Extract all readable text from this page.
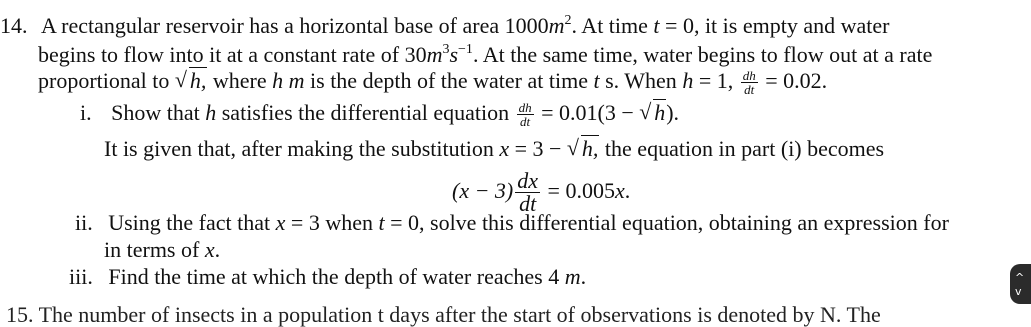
14. A rectangular reservoir has a horizontal base of area $1000m^2$. At time t = 0, it is empty and water
begins to flow into it at a constant rate of $30m^3s^{-1}$. At the same time, water begins to flow out at a rate
proportional to √ h, where h m is the depth of the water at time t s. When h = 1, $\frac{dh}{dt} = 0.02$.
i. Show that h satisfies the differential equation $\frac{dh}{dt} = 0.01(3$ − √ h).
It is given that, after making the substitution x = 3 − √ h, the equation in part (i) becomes
$(x - 3) \frac{dx}{dt} = 0.005x$.
ii. Using the fact that x = 3 when t = 0, solve this differential equation, obtaining an expression for
in terms of x.
iii. Find the time at which the depth of water reaches 4 m.
15. The number of insects in a population t days after the start of observations is denoted by N. The
^
v
